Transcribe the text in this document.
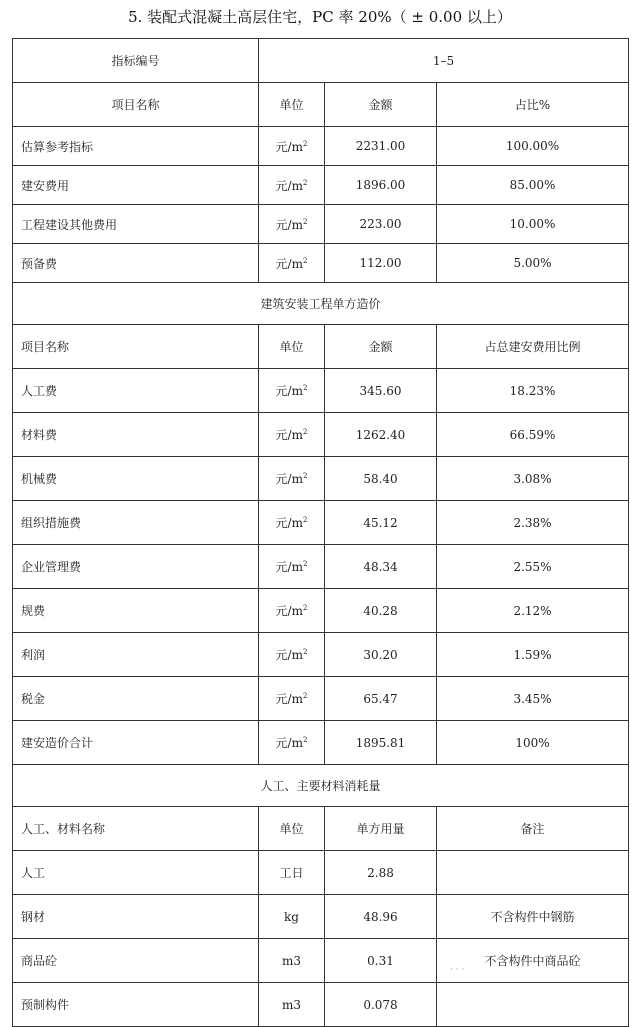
5. 装配式混凝土高层住宅，PC 率 20%（ ± 0.00 以上）
指标编号	1–5		
项目名称	单位	金额	占比%
估算参考指标	元$/m^2$	2231.00	100.00%
建安费用	元$/m^2$	1896.00	85.00%
工程建设其他费用	元$/m^2$	223.00	10.00%
预备费	元$/m^2$	112.00	5.00%
建筑安装工程单方造价			
项目名称	单位	金额	占总建安费用比例
人工费	元$/m^2$	345.60	18.23%
材料费	元$/m^2$	1262.40	66.59%
机械费	元$/m^2$	58.40	3.08%
组织措施费	元$/m^2$	45.12	2.38%
企业管理费	元$/m^2$	48.34	2.55%
规费	元$/m^2$	40.28	2.12%
利润	元$/m^2$	30.20	1.59%
税金	元$/m^2$	65.47	3.45%
建安造价合计	元$/m^2$	1895.81	100%
人工、主要材料消耗量			
人工、材料名称	单位	单方用量	备注
人工	工日	2.88	
钢材	kg	48.96	不含构件中钢筋
商品砼	m3	0.31	不含构件中商品砼
预制构件	m3	0.078	
· · ·
